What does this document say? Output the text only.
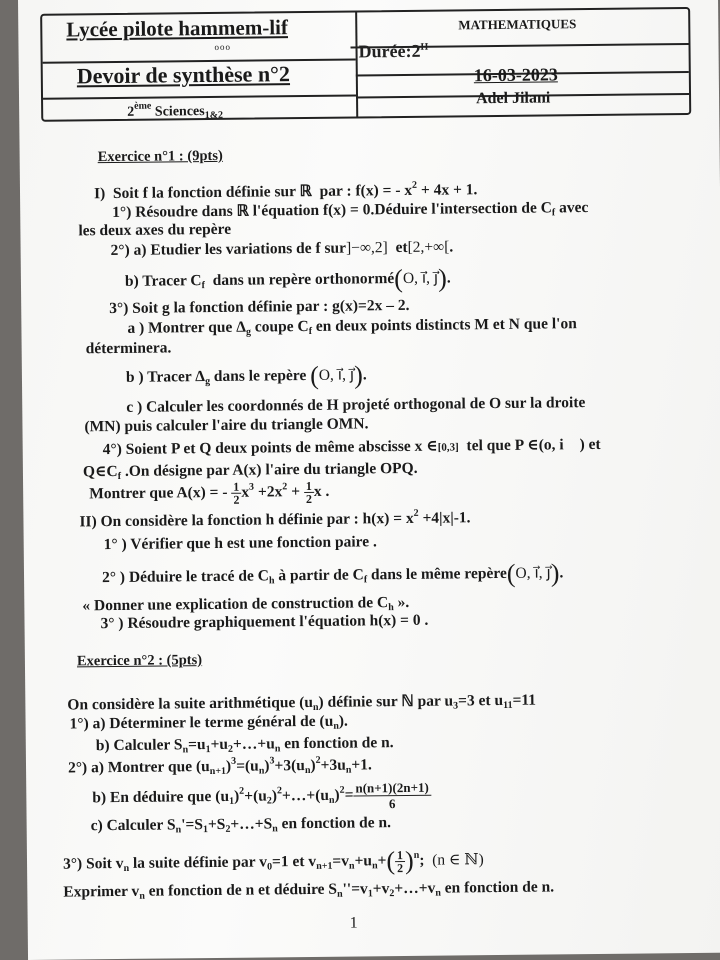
Lycée pilote hammem-lif
ooo
Devoir de synthèse n°2
2ème Sciences$_{1\&2}$
MATHEMATIQUES
$Durée:2^H$
16-03-2023
Adel Jilani
Exercice n°1 : (9pts)
I)  Soit f la fonction définie sur ℝ  par : f(x) = - $x^2 + 4x + 1$.
1°) Résoudre dans ℝ l'équation f(x) = 0.Déduire l'intersection de $C_f$ avec
les deux axes du repère
2°) a) Etudier les variations de f sur]−∞,2]  et[2,+∞[.
b) Tracer $C_f$  dans un repère orthonormé(O, i⃗, j⃗).
3°) Soit g la fonction définie par : g(x)=2x – 2.
a ) Montrer que $\Delta_g$ coupe $C_f$ en deux points distincts M et N que l'on
déterminera.
b ) Tracer $\Delta_g$ dans le repère (O, i⃗, j⃗).
c ) Calculer les coordonnés de H projeté orthogonal de O sur la droite
(MN) puis calculer l'aire du triangle OMN.
4°) Soient P et Q deux points de même abscisse x ∈[0,3]  tel que P ∈(o, i⃗ ) et
$Q\in C_f$ .On désigne par A(x) l'aire du triangle OPQ.
Montrer que A(x) = - $\frac{1}{2} x^3 +2x^2 + \frac{1}{2}$ x .
II) On considère la fonction h définie par : $h(x) = x^2 +4|x|-1$.
1° ) Vérifier que h est une fonction paire .
2° ) Déduire le tracé de $C_h$ à partir de $C_f$ dans le même repère(O, i⃗, j⃗).
« Donner une explication de construction de $C_h$ ».
3° ) Résoudre graphiquement l'équation h(x) = 0 .
Exercice n°2 : (5pts)
On considère la suite arithmétique $(u_n)$ définie sur ℕ par $u_3=3$ et $u_{11}=11$
1°) a) Déterminer le terme général de $(u_n)$.
b) Calculer $S_n=u_1+u_2+\dots+u_n$ en fonction de n.
2°) a) Montrer que $(u_{n+1})^3=(u_n)^3+3(u_n)^2+3u_n+1$.
b) En déduire que $(u_1)^2+(u_2)^2+\dots+(u_n)^2= \frac{n(n+1)(2n+1)}{6}$
c) Calculer $S_n'=S_1+S_2+\dots+S_n$ en fonction de n.
3°) Soit $v_n$ la suite définie par $v_0=1$ et $v_{n+1}=v_n+u_n+( \frac{1}{2} )^n$;  (n ∈ ℕ)
Exprimer $v_n$ en fonction de n et déduire $S_n''=v_1+v_2+\dots+v_n$ en fonction de n.
1
